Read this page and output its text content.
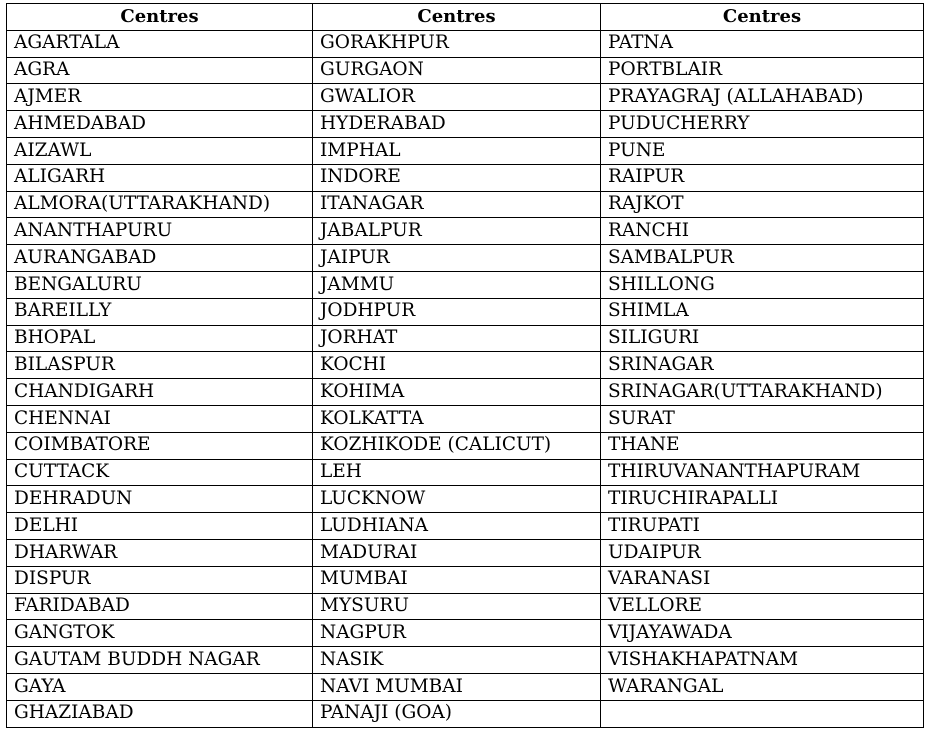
Centres	Centres	Centres
AGARTALA	GORAKHPUR	PATNA
AGRA	GURGAON	PORTBLAIR
AJMER	GWALIOR	PRAYAGRAJ (ALLAHABAD)
AHMEDABAD	HYDERABAD	PUDUCHERRY
AIZAWL	IMPHAL	PUNE
ALIGARH	INDORE	RAIPUR
ALMORA(UTTARAKHAND)	ITANAGAR	RAJKOT
ANANTHAPURU	JABALPUR	RANCHI
AURANGABAD	JAIPUR	SAMBALPUR
BENGALURU	JAMMU	SHILLONG
BAREILLY	JODHPUR	SHIMLA
BHOPAL	JORHAT	SILIGURI
BILASPUR	KOCHI	SRINAGAR
CHANDIGARH	KOHIMA	SRINAGAR(UTTARAKHAND)
CHENNAI	KOLKATTA	SURAT
COIMBATORE	KOZHIKODE (CALICUT)	THANE
CUTTACK	LEH	THIRUVANANTHAPURAM
DEHRADUN	LUCKNOW	TIRUCHIRAPALLI
DELHI	LUDHIANA	TIRUPATI
DHARWAR	MADURAI	UDAIPUR
DISPUR	MUMBAI	VARANASI
FARIDABAD	MYSURU	VELLORE
GANGTOK	NAGPUR	VIJAYAWADA
GAUTAM BUDDH NAGAR	NASIK	VISHAKHAPATNAM
GAYA	NAVI MUMBAI	WARANGAL
GHAZIABAD	PANAJI (GOA)	
